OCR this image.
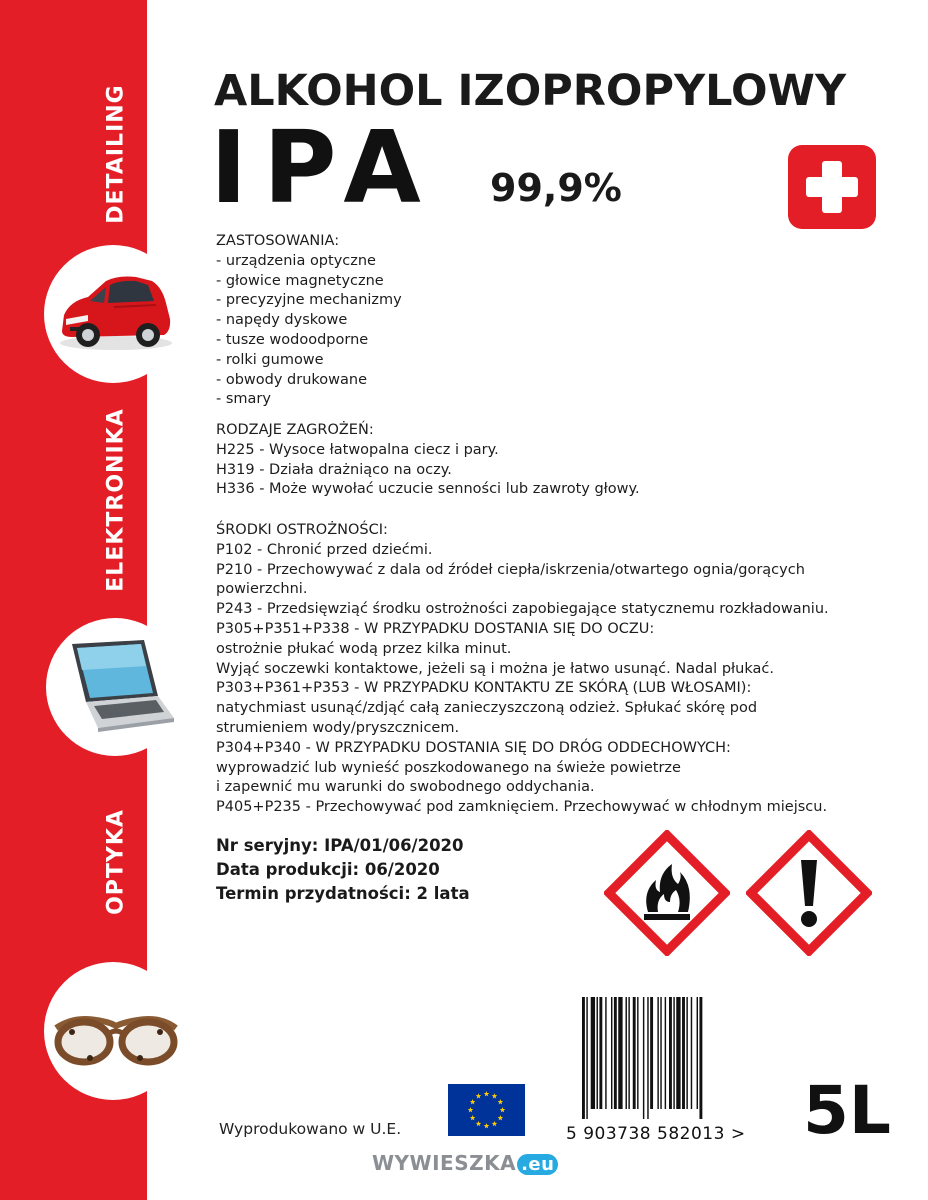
DETAILING
ELEKTRONIKA
OPTYKA
ALKOHOL IZOPROPYLOWY
IPA 99,9%
ZASTOSOWANIA:
- urządzenia optyczne
- głowice magnetyczne
- precyzyjne mechanizmy
- napędy dyskowe
- tusze wodoodporne
- rolki gumowe
- obwody drukowane
- smary
RODZAJE ZAGROŻEŃ:
H225 - Wysoce łatwopalna ciecz i pary.
H319 - Działa drażniąco na oczy.
H336 - Może wywołać uczucie senności lub zawroty głowy.
ŚRODKI OSTROŻNOŚCI:
P102 - Chronić przed dziećmi.
P210 - Przechowywać z dala od źródeł ciepła/iskrzenia/otwartego ognia/gorących
powierzchni.
P243 - Przedsięwziąć środku ostrożności zapobiegające statycznemu rozkładowaniu.
P305+P351+P338 - W PRZYPADKU DOSTANIA SIĘ DO OCZU:
ostrożnie płukać wodą przez kilka minut.
Wyjąć soczewki kontaktowe, jeżeli są i można je łatwo usunąć. Nadal płukać.
P303+P361+P353 - W PRZYPADKU KONTAKTU ZE SKÓRĄ (LUB WŁOSAMI):
natychmiast usunąć/zdjąć całą zanieczyszczoną odzież. Spłukać skórę pod
strumieniem wody/pryszcznicem.
P304+P340 - W PRZYPADKU DOSTANIA SIĘ DO DRÓG ODDECHOWYCH:
wyprowadzić lub wynieść poszkodowanego na świeże powietrze
i zapewnić mu warunki do swobodnego oddychania.
P405+P235 - Przechowywać pod zamknięciem. Przechowywać w chłodnym miejscu.
Nr seryjny: IPA/01/06/2020
Data produkcji: 06/2020
Termin przydatności: 2 lata
Wyprodukowano w U.E.	5 903738 582013 > 5L
WYWIESZKA .eu
